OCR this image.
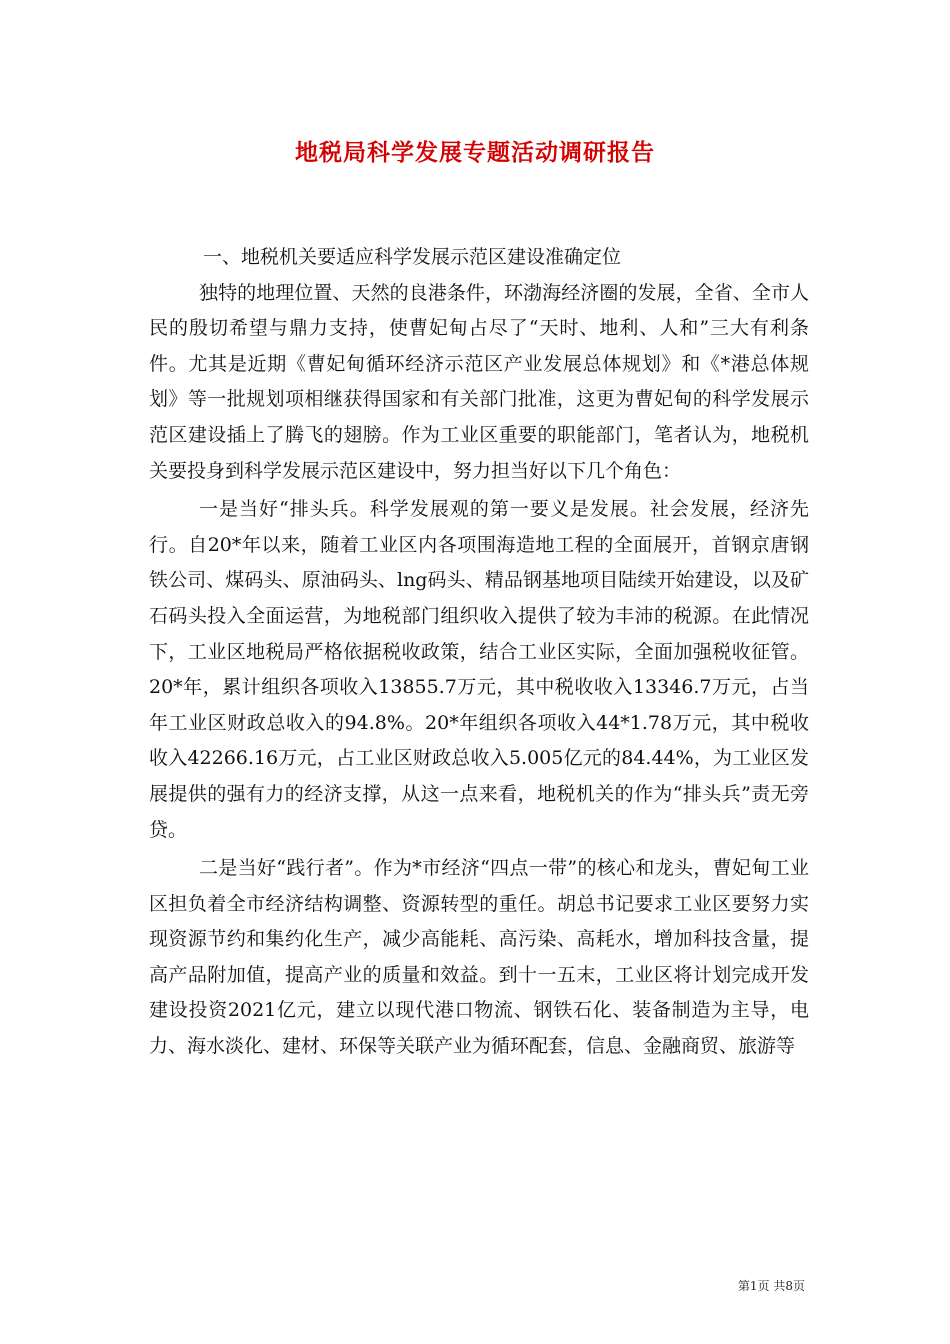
地税局科学发展专题活动调研报告

一、地税机关要适应科学发展示范区建设准确定位

独特的地理位置、天然的良港条件，环渤海经济圈的发展，全省、全市人民的殷切希望与鼎力支持，使曹妃甸占尽了“天时、地利、人和”三大有利条件。尤其是近期《曹妃甸循环经济示范区产业发展总体规划》和《*港总体规划》等一批规划项相继获得国家和有关部门批准，这更为曹妃甸的科学发展示范区建设插上了腾飞的翅膀。作为工业区重要的职能部门，笔者认为，地税机关要投身到科学发展示范区建设中，努力担当好以下几个角色：

一是当好“排头兵。科学发展观的第一要义是发展。社会发展，经济先行。自20*年以来，随着工业区内各项围海造地工程的全面展开，首钢京唐钢铁公司、煤码头、原油码头、lng码头、精品钢基地项目陆续开始建设，以及矿石码头投入全面运营，为地税部门组织收入提供了较为丰沛的税源。在此情况下，工业区地税局严格依据税收政策，结合工业区实际，全面加强税收征管。20*年，累计组织各项收入13855.7万元，其中税收收入13346.7万元，占当年工业区财政总收入的94.8%。20*年组织各项收入44*1.78万元，其中税收收入42266.16万元，占工业区财政总收入5.005亿元的84.44%，为工业区发展提供的强有力的经济支撑，从这一点来看，地税机关的作为“排头兵”责无旁贷。

二是当好“践行者”。作为*市经济“四点一带”的核心和龙头，曹妃甸工业区担负着全市经济结构调整、资源转型的重任。胡总书记要求工业区要努力实现资源节约和集约化生产，减少高能耗、高污染、高耗水，增加科技含量，提高产品附加值，提高产业的质量和效益。到十一五末，工业区将计划完成开发建设投资2021亿元，建立以现代港口物流、钢铁石化、装备制造为主导，电力、海水淡化、建材、环保等关联产业为循环配套，信息、金融商贸、旅游等

第1页 共8页
